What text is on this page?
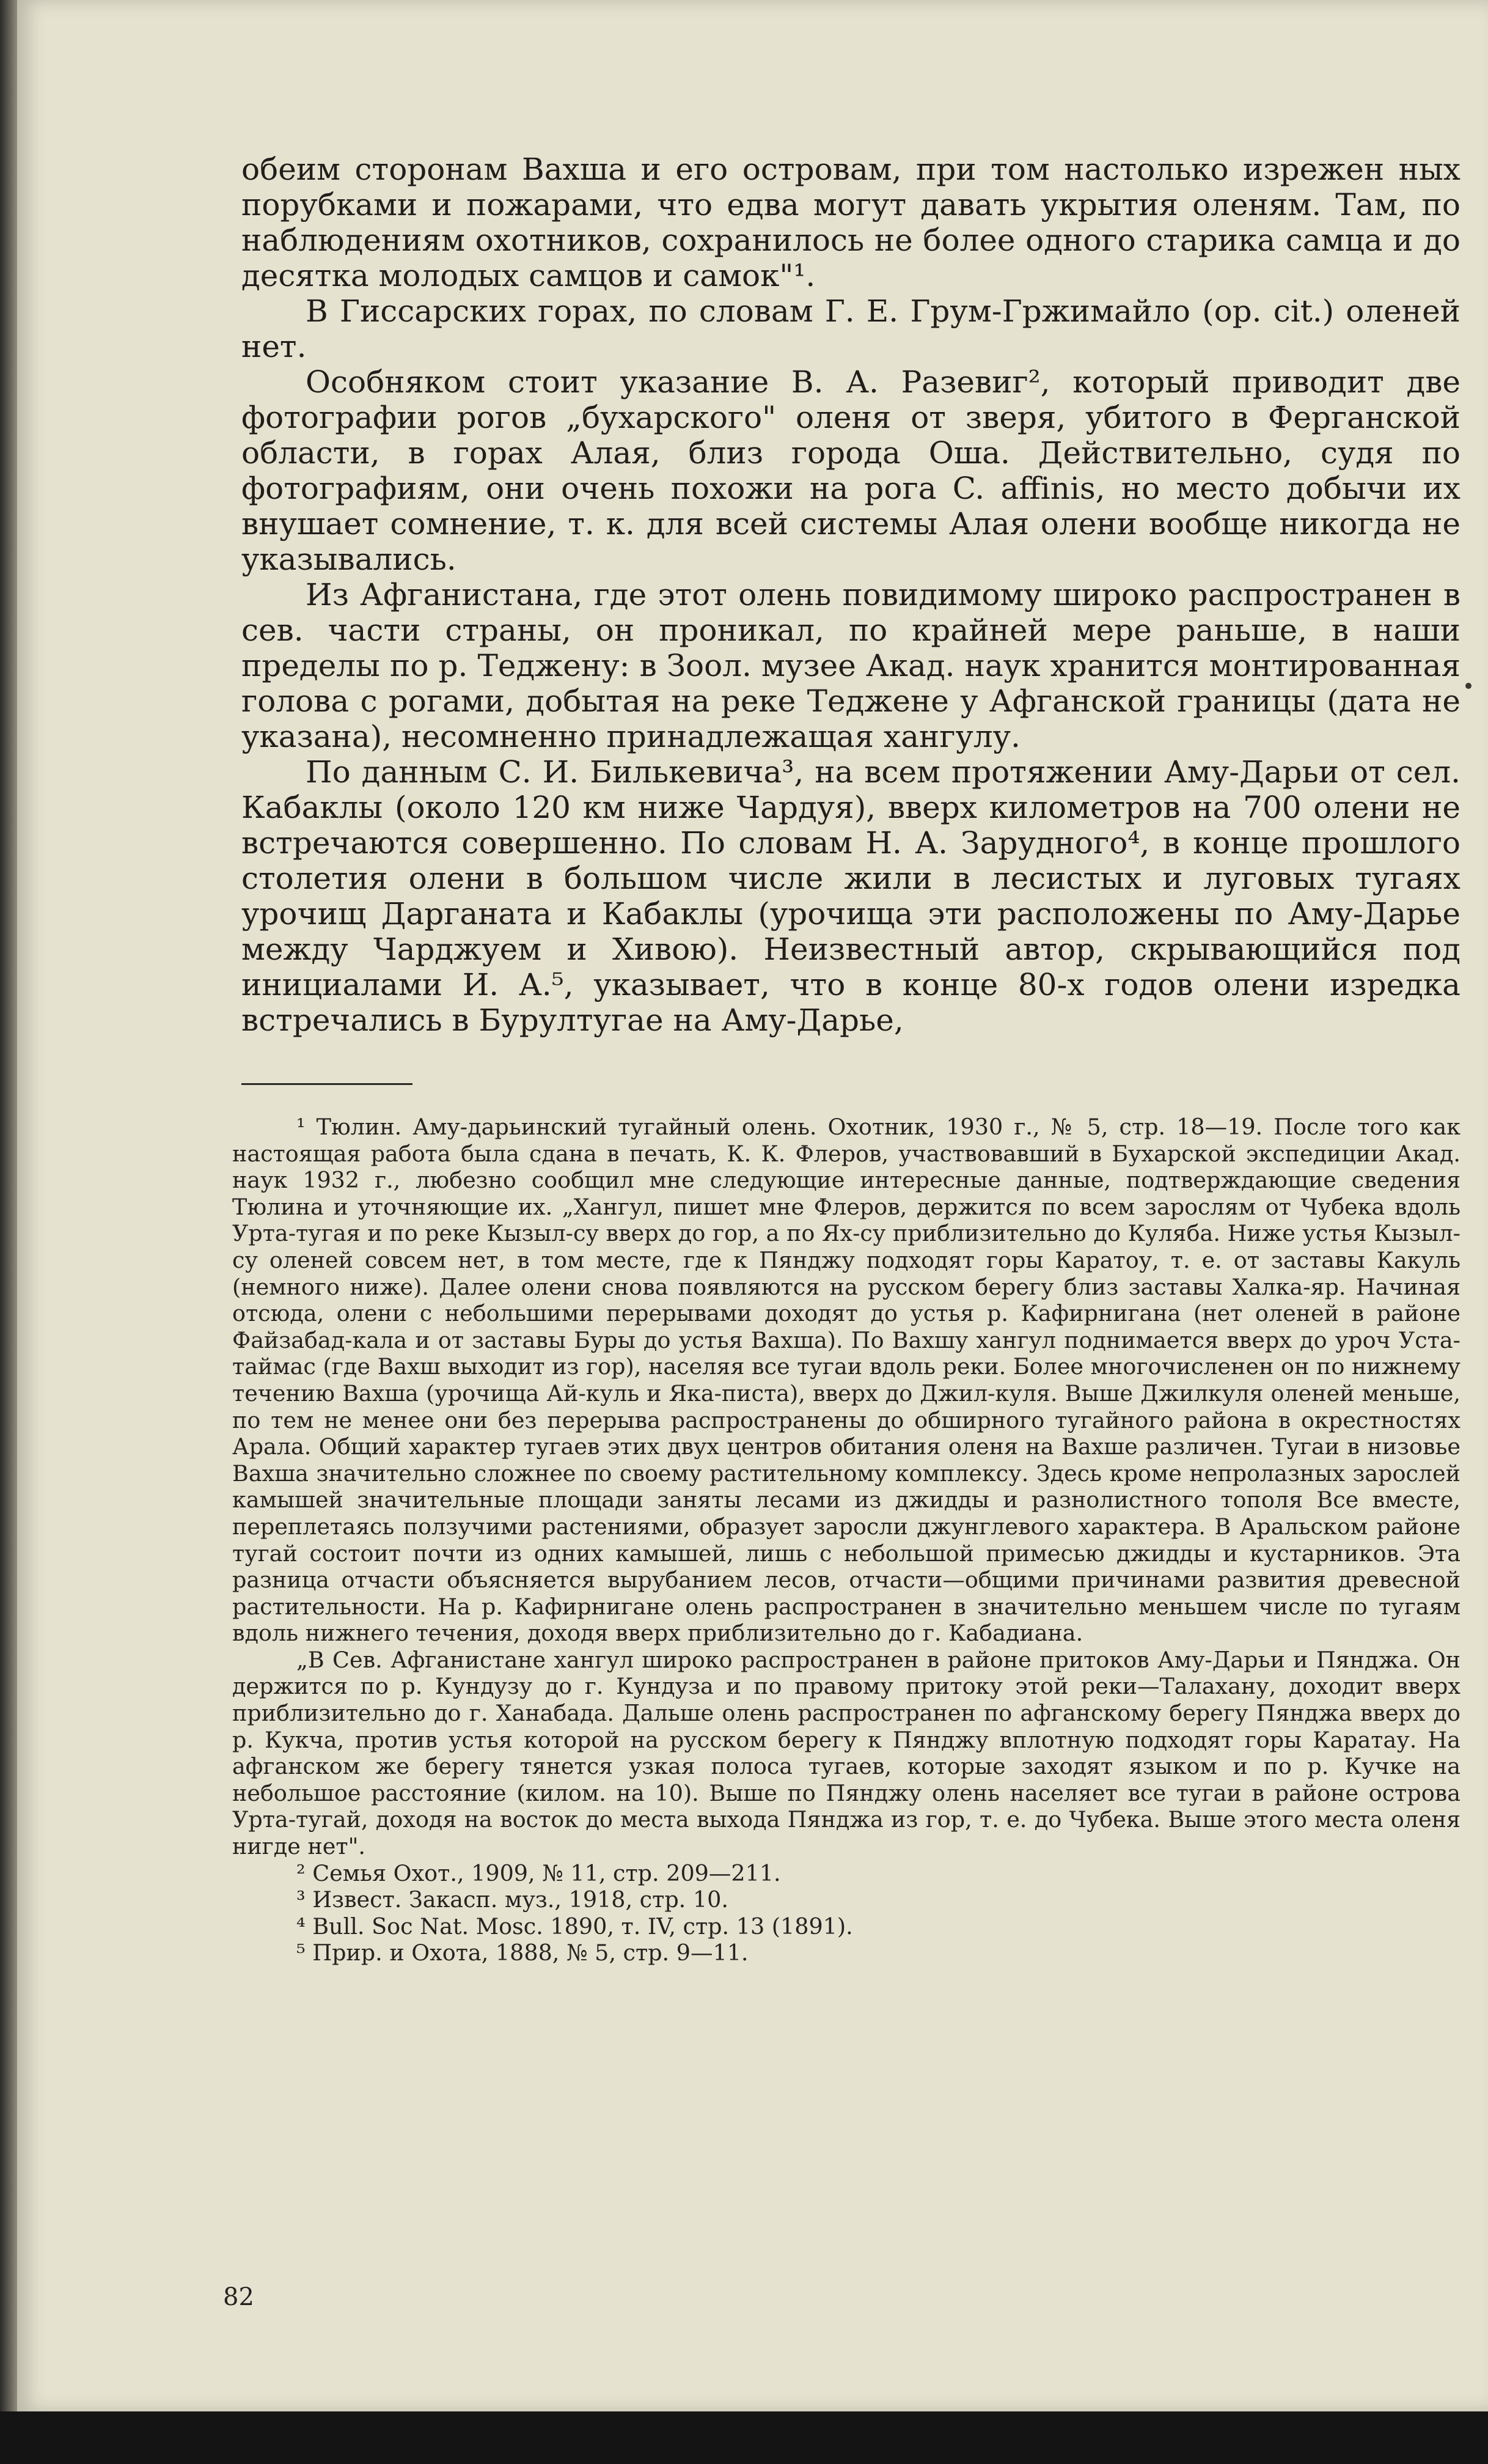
обеим сторонам Вахша и его островам, при том настолько изрежен ных порубками и пожарами, что едва могут давать укрытия оленям. Там, по наблюдениям охотников, сохранилось не более одного старика самца и до десятка молодых самцов и самок"¹.

В Гиссарских горах, по словам Г. Е. Грум-Гржимайло (op. cit.) оленей нет.

Особняком стоит указание В. А. Разевиг², который приводит две фотографии рогов „бухарского" оленя от зверя, убитого в Ферганской области, в горах Алая, близ города Оша. Действительно, судя по фотографиям, они очень похожи на рога C. affinis, но место добычи их внушает сомнение, т. к. для всей системы Алая олени вообще никогда не указывались.

Из Афганистана, где этот олень повидимому широко распространен в сев. части страны, он проникал, по крайней мере раньше, в наши пределы по р. Теджену: в Зоол. музее Акад. наук хранится монтированная голова с рогами, добытая на реке Теджене у Афганской границы (дата не указана), несомненно принадлежащая хангулу.

По данным С. И. Билькевича³, на всем протяжении Аму-Дарьи от сел. Кабаклы (около 120 км ниже Чардуя), вверх километров на 700 олени не встречаются совершенно. По словам Н. А. Зарудного⁴, в конце прошлого столетия олени в большом числе жили в лесистых и луговых тугаях урочищ Дарганата и Кабаклы (урочища эти расположены по Аму-Дарье между Чарджуем и Хивою). Неизвестный автор, скрывающийся под инициалами И. А.⁵, указывает, что в конце 80-х годов олени изредка встречались в Бурултугае на Аму-Дарье,

¹ Тюлин. Аму-дарьинский тугайный олень. Охотник, 1930 г., № 5, стр. 18—19. После того как настоящая работа была сдана в печать, К. К. Флеров, участвовавший в Бухарской экспедиции Акад. наук 1932 г., любезно сообщил мне следующие интересные данные, подтверждающие сведения Тюлина и уточняющие их. „Хангул, пишет мне Флеров, держится по всем зарослям от Чубека вдоль Урта-тугая и по реке Кызыл-су вверх до гор, а по Ях-су приблизительно до Куляба. Ниже устья Кызыл-су оленей совсем нет, в том месте, где к Пянджу подходят горы Каратоу, т. е. от заставы Какуль (немного ниже). Далее олени снова появляются на русском берегу близ заставы Халка-яр. Начиная отсюда, олени с небольшими перерывами доходят до устья р. Кафирнигана (нет оленей в районе Файзабад-кала и от заставы Буры до устья Вахша). По Вахшу хангул поднимается вверх до уроч Уста-таймас (где Вахш выходит из гор), населяя все тугаи вдоль реки. Более многочисленен он по нижнему течению Вахша (урочища Ай-куль и Яка-писта), вверх до Джил-куля. Выше Джилкуля оленей меньше, по тем не менее они без перерыва распространены до обширного тугайного района в окрестностях Арала. Общий характер тугаев этих двух центров обитания оленя на Вахше различен. Тугаи в низовье Вахша значительно сложнее по своему растительному комплексу. Здесь кроме непролазных зарослей камышей значительные площади заняты лесами из джидды и разнолистного тополя Все вместе, переплетаясь ползучими растениями, образует заросли джунглевого характера. В Аральском районе тугай состоит почти из одних камышей, лишь с небольшой примесью джидды и кустарников. Эта разница отчасти объясняется вырубанием лесов, отчасти—общими причинами развития древесной растительности. На р. Кафирнигане олень распространен в значительно меньшем числе по тугаям вдоль нижнего течения, доходя вверх приблизительно до г. Кабадиана.

„В Сев. Афганистане хангул широко распространен в районе притоков Аму-Дарьи и Пянджа. Он держится по р. Кундузу до г. Кундуза и по правому притоку этой реки—Талахану, доходит вверх приблизительно до г. Ханабада. Дальше олень распространен по афганскому берегу Пянджа вверх до р. Кукча, против устья которой на русском берегу к Пянджу вплотную подходят горы Каратау. На афганском же берегу тянется узкая полоса тугаев, которые заходят языком и по р. Кучке на небольшое расстояние (килом. на 10). Выше по Пянджу олень населяет все тугаи в районе острова Урта-тугай, доходя на восток до места выхода Пянджа из гор, т. е. до Чубека. Выше этого места оленя нигде нет".

² Семья Охот., 1909, № 11, стр. 209—211.

³ Извест. Закасп. муз., 1918, стр. 10.

⁴ Bull. Soc Nat. Mosc. 1890, т. IV, стр. 13 (1891).

⁵ Прир. и Охота, 1888, № 5, стр. 9—11.

82
